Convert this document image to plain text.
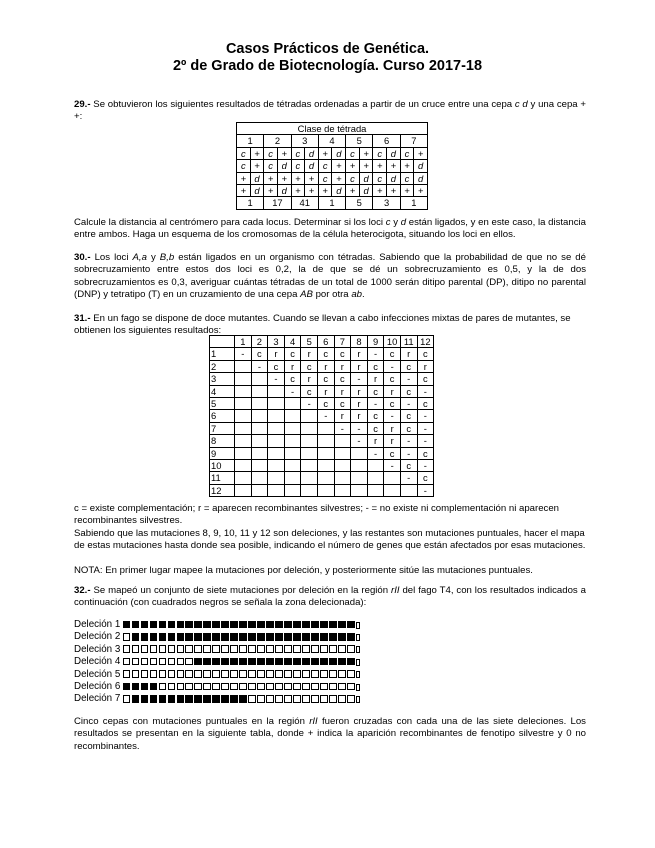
Casos Prácticos de Genética.
2º de Grado de Biotecnología. Curso 2017-18

29.- Se obtuvieron los siguientes resultados de tétradas ordenadas a partir de un cruce entre una cepa c d y una cepa + +:

Clase de tétrada													
1		2		3		4		5		6		7	
c	+	c	+	c	d	+	d	c	+	c	d	c	+
c	+	c	d	c	d	c	+	+	+	+	+	+	d
+	d	+	+	+	+	c	+	c	d	c	d	c	d
+	d	+	d	+	+	+	d	+	d	+	+	+	+
1		17		41		1		5		3		1	

Calcule la distancia al centrómero para cada locus. Determinar si los loci c y d están ligados, y en este caso, la distancia entre ambos. Haga un esquema de los cromosomas de la célula heterocigota, situando los loci en ellos.

30.- Los loci A,a y B,b están ligados en un organismo con tétradas. Sabiendo que la probabilidad de que no se dé sobrecruzamiento entre estos dos loci es 0,2, la de que se dé un sobrecruzamiento es 0,5, y la de dos sobrecruzamientos es 0,3, averiguar cuántas tétradas de un total de 1000 serán ditipo parental (DP), ditipo no parental (DNP) y tetratipo (T) en un cruzamiento de una cepa AB por otra ab.

31.- En un fago se dispone de doce mutantes. Cuando se llevan a cabo infecciones mixtas de pares de mutantes, se obtienen los siguientes resultados:

	1	2	3	4	5	6	7	8	9	10	11	12
1	-	c	r	c	r	c	c	r	-	c	r	c
2		-	c	r	c	r	r	r	c	-	c	r
3			-	c	r	c	c	-	r	c	-	c
4				-	c	r	r	r	c	r	c	-
5					-	c	c	r	-	c	-	c
6						-	r	r	c	-	c	-
7							-	-	c	r	c	-
8								-	r	r	-	-
9									-	c	-	c
10										-	c	-
11											-	c
12												-

c = existe complementación; r = aparecen recombinantes silvestres; - = no existe ni complementación ni aparecen recombinantes silvestres.

Sabiendo que las mutaciones 8, 9, 10, 11 y 12 son deleciones, y las restantes son mutaciones puntuales, hacer el mapa de estas mutaciones hasta donde sea posible, indicando el número de genes que están afectados por esas mutaciones.

NOTA: En primer lugar mapee la mutaciones por deleción, y posteriormente sitúe las mutaciones puntuales.

32.- Se mapeó un conjunto de siete mutaciones por deleción en la región rII del fago T4, con los resultados indicados a continuación (con cuadrados negros se señala la zona delecionada):

Deleción 1
Deleción 2
Deleción 3
Deleción 4
Deleción 5
Deleción 6
Deleción 7

Cinco cepas con mutaciones puntuales en la región rII fueron cruzadas con cada una de las siete deleciones. Los resultados se presentan en la siguiente tabla, donde + indica la aparición recombinantes de fenotipo silvestre y 0 no recombinantes.
